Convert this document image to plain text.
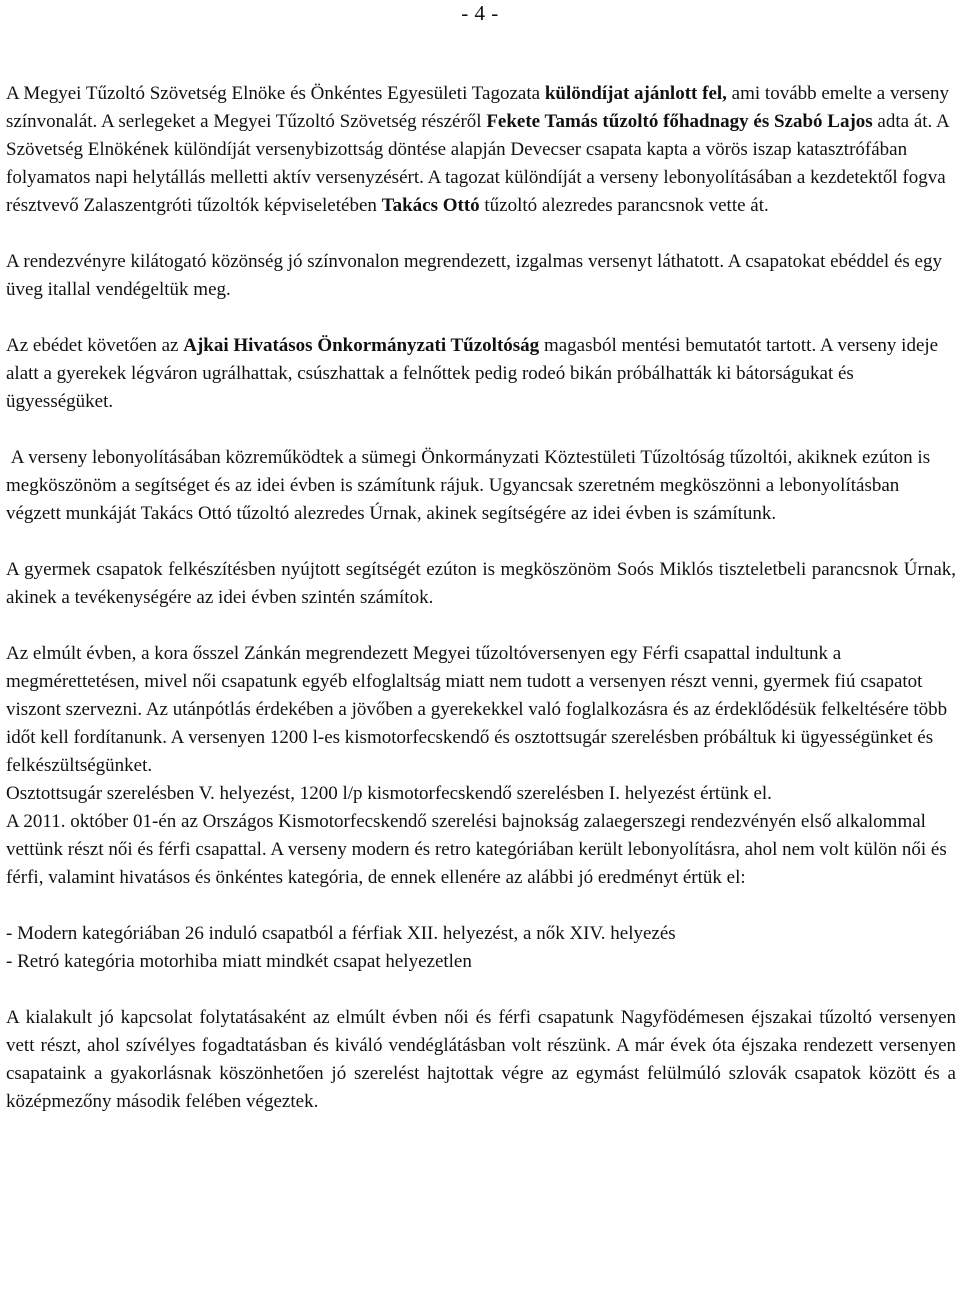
- 4 -

A Megyei Tűzoltó Szövetség Elnöke és Önkéntes Egyesületi Tagozata különdíjat ajánlott fel, ami tovább emelte a verseny színvonalát. A serlegeket a Megyei Tűzoltó Szövetség részéről Fekete Tamás tűzoltó főhadnagy és Szabó Lajos adta át. A Szövetség Elnökének különdíját versenybizottság döntése alapján Devecser csapata kapta a vörös iszap katasztrófában folyamatos napi helytállás melletti aktív versenyzésért. A tagozat különdíját a verseny lebonyolításában a kezdetektől fogva résztvevő Zalaszentgróti tűzoltók képviseletében Takács Ottó tűzoltó alezredes parancsnok vette át.

A rendezvényre kilátogató közönség jó színvonalon megrendezett, izgalmas versenyt láthatott. A csapatokat ebéddel és egy üveg itallal vendégeltük meg.

Az ebédet követően az Ajkai Hivatásos Önkormányzati Tűzoltóság magasból mentési bemutatót tartott. A verseny ideje alatt a gyerekek légváron ugrálhattak, csúszhattak a felnőttek pedig rodeó bikán próbálhatták ki bátorságukat és ügyességüket.

A verseny lebonyolításában közreműködtek a sümegi Önkormányzati Köztestületi Tűzoltóság tűzoltói, akiknek ezúton is megköszönöm a segítséget és az idei évben is számítunk rájuk. Ugyancsak szeretném megköszönni a lebonyolításban végzett munkáját Takács Ottó tűzoltó alezredes Úrnak, akinek segítségére az idei évben is számítunk.

A gyermek csapatok felkészítésben nyújtott segítségét ezúton is megköszönöm Soós Miklós tiszteletbeli parancsnok Úrnak, akinek a tevékenységére az idei évben szintén számítok.

Az elmúlt évben, a kora ősszel Zánkán megrendezett Megyei tűzoltóversenyen egy Férfi csapattal indultunk a megmérettetésen, mivel női csapatunk egyéb elfoglaltság miatt nem tudott a versenyen részt venni, gyermek fiú csapatot viszont szervezni. Az utánpótlás érdekében a jövőben a gyerekekkel való foglalkozásra és az érdeklődésük felkeltésére több időt kell fordítanunk. A versenyen 1200 l-es kismotorfecskendő és osztottsugár szerelésben próbáltuk ki ügyességünket és felkészültségünket.

Osztottsugár szerelésben V. helyezést, 1200 l/p kismotorfecskendő szerelésben I. helyezést értünk el.

A 2011. október 01-én az Országos Kismotorfecskendő szerelési bajnokság zalaegerszegi rendezvényén első alkalommal vettünk részt női és férfi csapattal. A verseny modern és retro kategóriában került lebonyolításra, ahol nem volt külön női és férfi, valamint hivatásos és önkéntes kategória, de ennek ellenére az alábbi jó eredményt értük el:

- Modern kategóriában 26 induló csapatból a férfiak XII. helyezést, a nők XIV. helyezés

- Retró kategória motorhiba miatt mindkét csapat helyezetlen

A kialakult jó kapcsolat folytatásaként az elmúlt évben női és férfi csapatunk Nagyfödémesen éjszakai tűzoltó versenyen vett részt, ahol szívélyes fogadtatásban és kiváló vendéglátásban volt részünk. A már évek óta éjszaka rendezett versenyen csapataink a gyakorlásnak köszönhetően jó szerelést hajtottak végre az egymást felülmúló szlovák csapatok között és a középmezőny második felében végeztek.
